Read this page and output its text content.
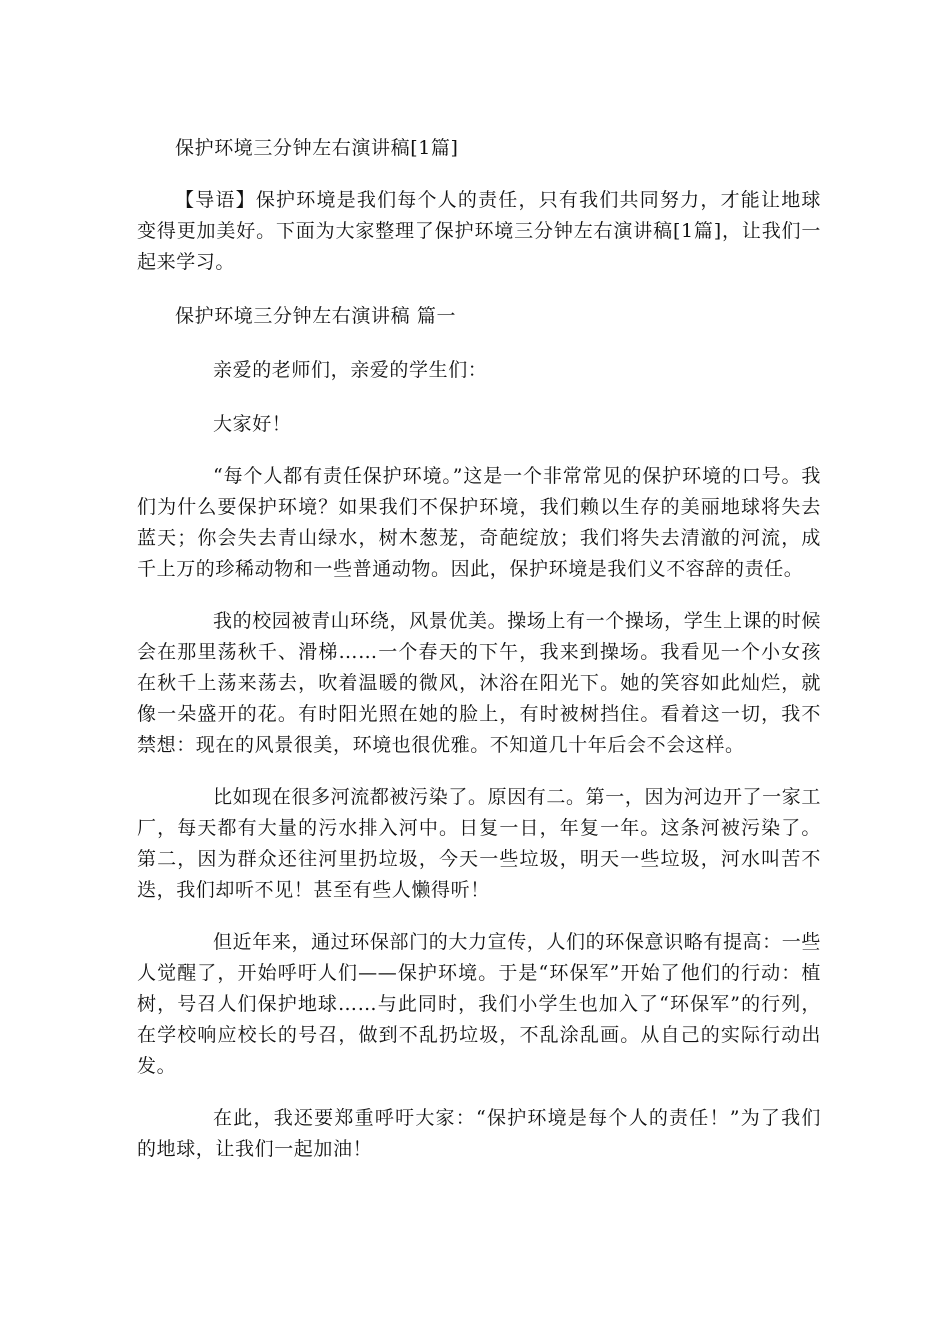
保护环境三分钟左右演讲稿[1篇]

【导语】保护环境是我们每个人的责任，只有我们共同努力，才能让地球变得更加美好。下面为大家整理了保护环境三分钟左右演讲稿[1篇]，让我们一起来学习。

保护环境三分钟左右演讲稿 篇一

亲爱的老师们，亲爱的学生们：

大家好！

“每个人都有责任保护环境。”这是一个非常常见的保护环境的口号。我们为什么要保护环境？如果我们不保护环境，我们赖以生存的美丽地球将失去蓝天；你会失去青山绿水，树木葱茏，奇葩绽放；我们将失去清澈的河流，成千上万的珍稀动物和一些普通动物。因此，保护环境是我们义不容辞的责任。

我的校园被青山环绕，风景优美。操场上有一个操场，学生上课的时候会在那里荡秋千、滑梯……一个春天的下午，我来到操场。我看见一个小女孩在秋千上荡来荡去，吹着温暖的微风，沐浴在阳光下。她的笑容如此灿烂，就像一朵盛开的花。有时阳光照在她的脸上，有时被树挡住。看着这一切，我不禁想：现在的风景很美，环境也很优雅。不知道几十年后会不会这样。

比如现在很多河流都被污染了。原因有二。第一，因为河边开了一家工厂，每天都有大量的污水排入河中。日复一日，年复一年。这条河被污染了。第二，因为群众还往河里扔垃圾，今天一些垃圾，明天一些垃圾，河水叫苦不迭，我们却听不见！甚至有些人懒得听！

但近年来，通过环保部门的大力宣传，人们的环保意识略有提高：一些人觉醒了，开始呼吁人们——保护环境。于是“环保军”开始了他们的行动：植树，号召人们保护地球……与此同时，我们小学生也加入了“环保军”的行列，在学校响应校长的号召，做到不乱扔垃圾，不乱涂乱画。从自己的实际行动出发。

在此，我还要郑重呼吁大家：“保护环境是每个人的责任！”为了我们的地球，让我们一起加油！
